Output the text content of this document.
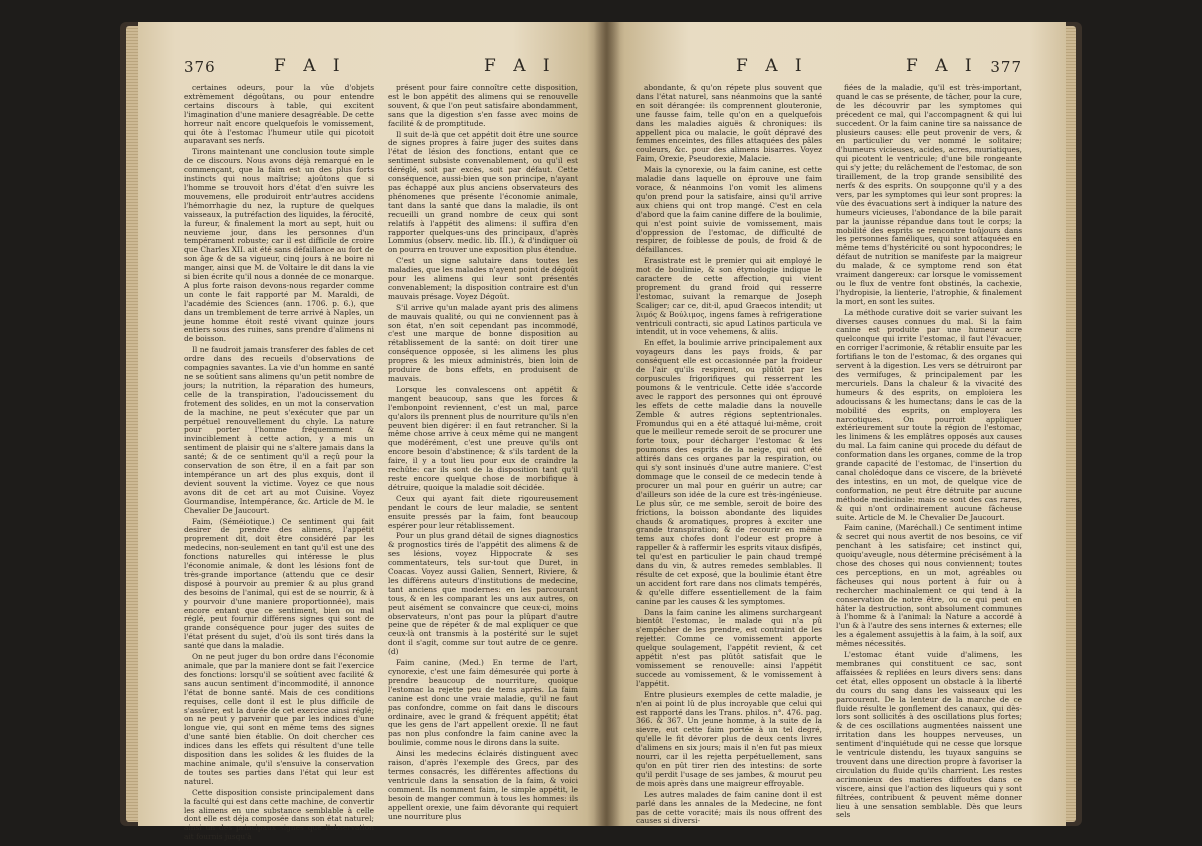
376	F A I	F A I

certaines odeurs, pour la vûe d'objets extrèmement dégoûtans, ou pour entendre certains discours à table, qui excitent l'imagination d'une maniere desagréable. De cette horreur naît encore quelquefois le vomissement, qui ôte à l'estomac l'humeur utile qui picotoit auparavant ses nerfs.

Tirons maintenant une conclusion toute simple de ce discours. Nous avons déjà remarqué en le commençant, que la faim est un des plus forts instincts qui nous maîtrise; ajoûtons que si l'homme se trouvoit hors d'état d'en suivre les mouvemens, elle produiroit entr'autres accidens l'hémorrhagie du nez, la rupture de quelques vaisseaux, la putréfaction des liquides, la férocité, la fureur, & finalement la mort au sept, huit ou neuvieme jour, dans les personnes d'un tempérament robuste; car il est difficile de croire que Charles XII. ait été sans défaillance au fort de son âge & de sa vigueur, cinq jours à ne boire ni manger, ainsi que M. de Voltaire le dit dans la vie si bien écrite qu'il nous a donnée de ce monarque. A plus forte raison devons-nous regarder comme un conte le fait rapporté par M. Maraldi, de l'académie des Sciences (ann. 1706. p. 6.), que dans un tremblement de terre arrivé à Naples, un jeune homme étoit resté vivant quinze jours entiers sous des ruines, sans prendre d'alimens ni de boisson.

Il ne faudroit jamais transferer des fables de cet ordre dans des recueils d'observations de compagnies savantes. La vie d'un homme en santé ne se soûtient sans alimens qu'un petit nombre de jours; la nutrition, la réparation des humeurs, celle de la transpiration, l'adoucissement du frotement des solides, en un mot la conservation de la machine, ne peut s'exécuter que par un perpétuel renouvellement du chyle. La nature pour porter l'homme fréquemment & invinciblement à cette action, y a mis un sentiment de plaisir qui ne s'altere jamais dans la santé; & de ce sentiment qu'il a reçû pour la conservation de son être, il en a fait par son intempérance un art des plus exquis, dont il devient souvent la victime. Voyez ce que nous avons dit de cet art au mot Cuisine. Voyez Gourmandise, Intempérance, &c. Article de M. le Chevalier De Jaucourt.

Faim, (Séméiotique.) Ce sentiment qui fait desirer de prendre des alimens, l'appétit proprement dit, doit être considéré par les medecins, non-seulement en tant qu'il est une des fonctions naturelles qui intéresse le plus l'économie animale, & dont les lésions font de très-grande importance (attendu que ce desir disposé à pourvoir au premier & au plus grand des besoins de l'animal, qui est de se nourrir, & à y pourvoir d'une maniere proportionnée), mais encore entant que ce sentiment, bien ou mal réglé, peut fournir différens signes qui sont de grande conséquence pour juger des suites de l'état présent du sujet, d'où ils sont tirés dans la santé que dans la maladie.

On ne peut juger du bon ordre dans l'économie animale, que par la maniere dont se fait l'exercice des fonctions: lorsqu'il se soûtient avec facilité & sans aucun sentiment d'incommodité, il annonce l'état de bonne santé. Mais de ces conditions requises, celle dont il est le plus difficile de s'assûrer, est la durée de cet exercice ainsi réglé; on ne peut y parvenir que par les indices d'une longue vie, qui sont en même tems des signes d'une santé bien établie. On doit chercher ces indices dans les effets qui résultent d'une telle disposition dans les solides & les fluides de la machine animale, qu'il s'ensuive la conservation de toutes ses parties dans l'état qui leur est naturel.

Cette disposition consiste principalement dans la faculté qui est dans cette machine, de convertir les alimens en une substance semblable à celle dont elle est déja composée dans son état naturel; ainsi un des principaux signes que l'observation ait fournis jusqu'à

présent pour faire connoître cette disposition, est le bon appétit des alimens qui se renouvelle souvent, & que l'on peut satisfaire abondamment, sans que la digestion s'en fasse avec moins de facilité & de promptitude.

Il suit de-là que cet appétit doit être une source de signes propres à faire juger des suites dans l'état de lésion des fonctions, entant que ce sentiment subsiste convenablement, ou qu'il est déréglé, soit par excès, soit par défaut. Cette conséquence, aussi-bien que son principe, n'ayant pas échappé aux plus anciens observateurs des phénomenes que présente l'économie animale, tant dans la santé que dans la maladie, ils ont recueilli un grand nombre de ceux qui sont relatifs à l'appétit des alimens: il suffira d'en rapporter quelques-uns des principaux, d'après Lommius (observ. medic. lib. III.), & d'indiquer où on pourra en trouver une exposition plus étendue.

C'est un signe salutaire dans toutes les maladies, que les malades n'ayent point de dégoût pour les alimens qui leur sont présentés convenablement; la disposition contraire est d'un mauvais présage. Voyez Dégoût.

S'il arrive qu'un malade ayant pris des alimens de mauvais qualité, ou qui ne conviennent pas à son état, n'en soit cependant pas incommodé, c'est une marque de bonne disposition au rétablissement de la santé: on doit tirer une conséquence opposée, si les alimens les plus propres & les mieux administrés, bien loin de produire de bons effets, en produisent de mauvais.

Lorsque les convalescens ont appétit & mangent beaucoup, sans que les forces & l'embonpoint reviennent, c'est un mal, parce qu'alors ils prennent plus de nourriture qu'ils n'en peuvent bien digérer: il en faut retrancher. Si la même chose arrive à ceux même qui ne mangent que modérément, c'est une preuve qu'ils ont encore besoin d'abstinence; & s'ils tardent de la faire, il y a tout lieu pour eux de craindre la rechûte: car ils sont de la disposition tant qu'il reste encore quelque chose de morbifique à détruire, quoique la maladie soit décidée.

Ceux qui ayant fait diete rigoureusement pendant le cours de leur maladie, se sentent ensuite pressés par la faim, font beaucoup espérer pour leur rétablissement.

Pour un plus grand détail de signes diagnostics & prognostics tirés de l'appétit des alimens & de ses lésions, voyez Hippocrate & ses commentateurs, tels sur-tout que Duret, in Coacas. Voyez aussi Galien, Sennert, Riviere, & les différens auteurs d'institutions de medecine, tant anciens que modernes: en les parcourant tous, & en les comparant les uns aux autres, on peut aisément se convaincre que ceux-ci, moins observateurs, n'ont pas pour la plûpart d'autre peine que de répéter & de mal expliquer ce que ceux-là ont transmis à la postérité sur le sujet dont il s'agit, comme sur tout autre de ce genre. (d)

Faim canine, (Med.) En terme de l'art, cynorexie, c'est une faim démesurée qui porte à prendre beaucoup de nourriture, quoique l'estomac la rejette peu de tems après. La faim canine est donc une vraie maladie, qu'il ne faut pas confondre, comme on fait dans le discours ordinaire, avec le grand & fréquent appétit; état que les gens de l'art appellent orexie. Il ne faut pas non plus confondre la faim canine avec la boulimie, comme nous le dirons dans la suite.

Ainsi les medecins éclairés distinguent avec raison, d'après l'exemple des Grecs, par des termes consacrés, les différentes affections du ventricule dans la sensation de la faim, & voici comment. Ils nomment faim, le simple appétit, le besoin de manger commun à tous les hommes: ils appellent orexie, une faim dévorante qui requiert une nourriture plus

F A I	F A I 377

abondante, & qu'on répete plus souvent que dans l'état naturel, sans néanmoins que la santé en soit dérangée: ils comprennent glouteronie, une fausse faim, telle qu'on en a quelquefois dans les maladies aiguës & chroniques: ils appellent pica ou malacie, le goût dépravé des femmes enceintes, des filles attaquées des pâles couleurs, &c. pour des alimens bisarres. Voyez Faim, Orexie, Pseudorexie, Malacie.

Mais la cynorexie, ou la faim canine, est cette maladie dans laquelle on éprouve une faim vorace, & néanmoins l'on vomit les alimens qu'on prend pour la satisfaire, ainsi qu'il arrive aux chiens qui ont trop mangé. C'est en cela d'abord que la faim canine differe de la boulimie, qui n'est point suivie de vomissement, mais d'oppression de l'estomac, de difficulté de respirer, de foiblesse de pouls, de froid & de défaillances.

Erasistrate est le premier qui ait employé le mot de boulimie, & son étymologie indique le caractere de cette affection, qui vient proprement du grand froid qui resserre l'estomac, suivant la remarque de Joseph Scaliger; car ce, dit-il, apud Graecos intendit; ut λιμός & Βούλιμος, ingens fames à refrigeratione ventriculi contracti, sic apud Latinos particula ve intendit, ut in voce vehemens, & aliis.

En effet, la boulimie arrive principalement aux voyageurs dans les pays froids, & par conséquent elle est occasionnée par la froideur de l'air qu'ils respirent, ou plûtôt par les corpuscules frigorifiques qui resserrent les poumons & le ventricule. Cette idée s'accorde avec le rapport des personnes qui ont éprouvé les effets de cette maladie dans la nouvelle Zemble & autres régions septentrionales. Fromundus qui en a été attaqué lui-même, croit que le meilleur remede seroit de se procurer une forte toux, pour décharger l'estomac & les poumons des esprits de la neige, qui ont été attirés dans ces organes par la respiration, ou qui s'y sont insinués d'une autre maniere. C'est dommage que le conseil de ce medecin tende à procurer un mal pour en guérir un autre; car d'ailleurs son idée de la cure est très-ingénieuse. Le plus sûr, ce me semble, seroit de boire des frictions, la boisson abondante des liquides chauds & aromatiques, propres à exciter une grande transpiration; & de recourir en même tems aux chofes dont l'odeur est propre à rappeller & à raffermir les esprits vitaux disfipés, tel qu'est en particulier le pain chaud trempé dans du vin, & autres remedes semblables. Il résulte de cet exposé, que la boulimie étant être un accident fort rare dans nos climats tempérés, & qu'elle differe essentiellement de la faim canine par les causes & les symptomes.

Dans la faim canine les alimens surchargeant bientôt l'estomac, le malade qui n'a pû s'empêcher de les prendre, est contraint de les rejetter. Comme ce vomissement apporte quelque soulagement, l'appétit revient, & cet appétit n'est pas plûtôt satisfait que le vomissement se renouvelle: ainsi l'appétit succede au vomissement, & le vomissement à l'appétit.

Entre plusieurs exemples de cette maladie, je n'en ai point lû de plus incroyable que celui qui est rapporté dans les Trans. philos. n°. 476. pag. 366. & 367. Un jeune homme, à la suite de la sievre, eut cette faim portée à un tel degré, qu'elle le fit dévorer plus de deux cents livres d'alimens en six jours; mais il n'en fut pas mieux nourri, car il les rejetta perpétuellement, sans qu'on en pût tirer rien des intestins: de sorte qu'il perdit l'usage de ses jambes, & mourut peu de mois après dans une maigreur effroyable.

Les autres malades de faim canine dont il est parlé dans les annales de la Medecine, ne font pas de cette voracité; mais ils nous offrent des causes si diversi-

fiées de la maladie, qu'il est très-important, quand le cas se présente, de tâcher, pour la cure, de les découvrir par les symptomes qui précedent ce mal, qui l'accompagnent & qui lui succedent. Or la faim canine tire sa naissance de plusieurs causes: elle peut provenir de vers, & en particulier du ver nommé le solitaire; d'humeurs vicieuses, acides, acres, muriatiques, qui picotent le ventricule; d'une bile rongeante qui s'y jette; du relâchement de l'estomac, de son tiraillement, de la trop grande sensibilité des nerfs & des esprits. On soupçonne qu'il y a des vers, par les symptomes qui leur sont propres: la vûe des évacuations sert à indiquer la nature des humeurs vicieuses, l'abondance de la bile parait par la jaunisse répandue dans tout le corps; la mobilité des esprits se rencontre toûjours dans les personnes faméliques, qui sont attaquées en même tems d'hystéricité ou sont hypocondres; le défaut de nutrition se manifeste par la maigreur du malade, & ce symptome rend son état vraiment dangereux: car lorsque le vomissement ou le flux de ventre font obstinés, la cachexie, l'hydropisie, la lienterie, l'atrophie, & finalement la mort, en sont les suites.

La méthode curative doit se varier suivant les diverses causes connues du mal. Si la faim canine est produite par une humeur acre quelconque qui irrite l'estomac, il faut l'évacuer, en corriger l'acrimonie, & rétablir ensuite par les fortifians le ton de l'estomac, & des organes qui servent à la digestion. Les vers se détruiront par des vermifuges, & principalement par les mercuriels. Dans la chaleur & la vivacité des humeurs & des esprits, on emploiera les adoucissans & les humectans; dans le cas de la mobilité des esprits, on employera les narcotiques. On pourroit appliquer extérieurement sur toute la région de l'estomac, les linimens & les emplâtres opposés aux causes du mal. La faim canine qui procede du défaut de conformation dans les organes, comme de la trop grande capacité de l'estomac, de l'insertion du canal cholédoque dans ce viscere, de la brièveté des intestins, en un mot, de quelque vice de conformation, ne peut être détruite par aucune méthode medicinale: mais ce sont des cas rares, & qui n'ont ordinairement aucune fâcheuse suite. Article de M. le Chevalier De Jaucourt.

Faim canine, (Maréchall.) Ce sentiment intime & secret qui nous avertit de nos besoins, ce vif penchant à les satisfaire; cet instinct qui, quoiqu'aveugle, nous détermine précisément à la chose des choses qui nous conviennent; toutes ces perceptions, en un mot, agréables ou fâcheuses qui nous portent à fuir ou à rechercher machinalement ce qui tend à la conservation de notre être, ou ce qui peut en hâter la destruction, sont absolument communes à l'homme & à l'animal: la Nature a accordé à l'un & à l'autre des sens internes & externes; elle les a également assujettis à la faim, à la soif, aux mêmes nécessités.

L'estomac étant vuide d'alimens, les membranes qui constituent ce sac, sont affaissées & repliées en leurs divers sens: dans cet état, elles opposent un obstacle à la liberté du cours du sang dans les vaisseaux qui les parcourent. De la lenteur de la marche de ce fluide résulte le gonflement des canaux, qui dès-lors sont sollicités à des oscillations plus fortes; & de ces oscillations augmentées naissent une irritation dans les houppes nerveuses, un sentiment d'inquiétude qui ne cesse que lorsque le ventricule distendu, les tuyaux sanguins se trouvent dans une direction propre à favoriser la circulation du fluide qu'ils charrient. Les restes acrimonieux des matieres diffoutes dans ce viscere, ainsi que l'action des liqueurs qui y sont filtrées, contribuent & peuvent même donner lieu à une sensation semblable. Dès que leurs sels
